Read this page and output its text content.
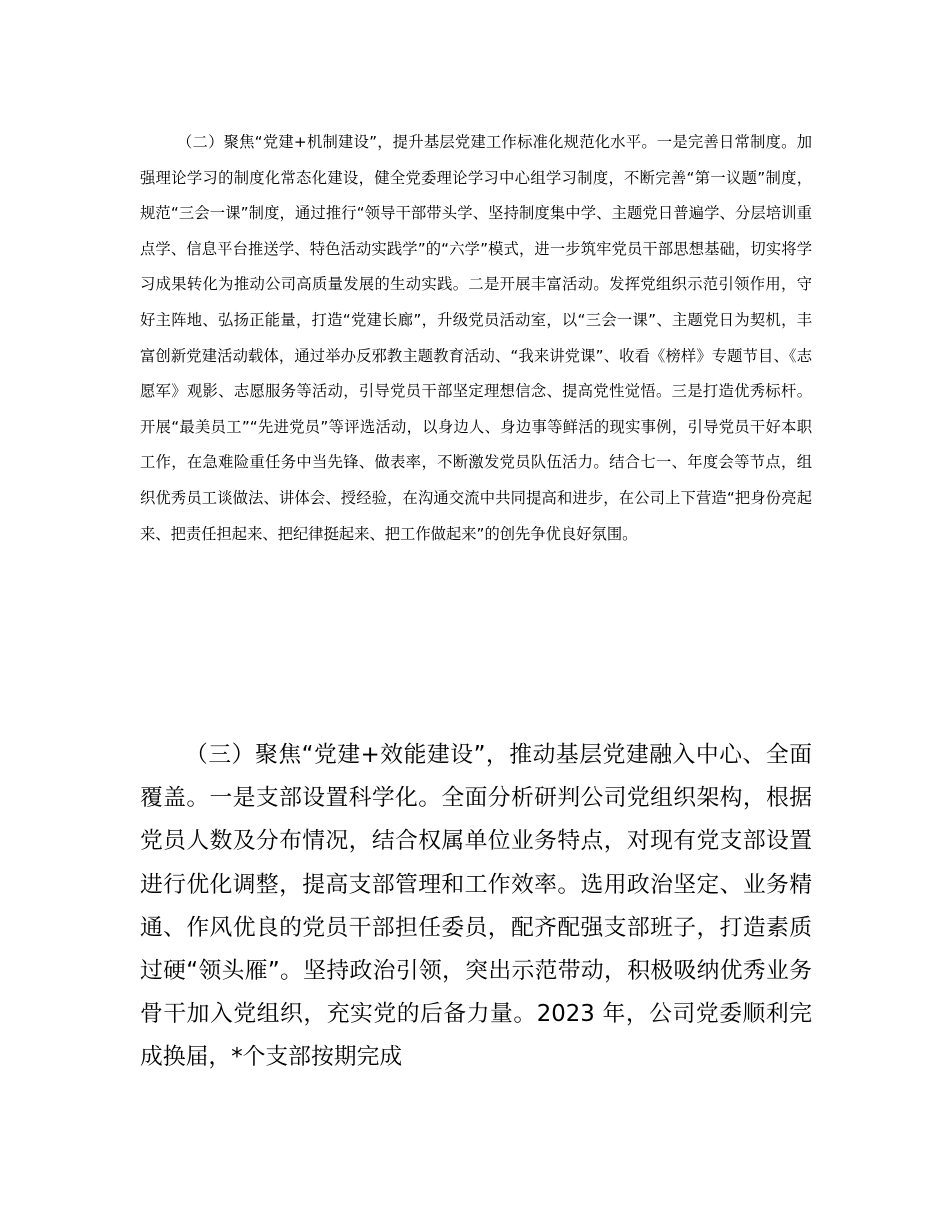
（二）聚焦“党建+机制建设”，提升基层党建工作标准化规范化水平。一是完善日常制度。加强理论学习的制度化常态化建设，健全党委理论学习中心组学习制度，不断完善“第一议题”制度，规范“三会一课”制度，通过推行“领导干部带头学、坚持制度集中学、主题党日普遍学、分层培训重点学、信息平台推送学、特色活动实践学”的“六学”模式，进一步筑牢党员干部思想基础，切实将学习成果转化为推动公司高质量发展的生动实践。二是开展丰富活动。发挥党组织示范引领作用，守好主阵地、弘扬正能量，打造“党建长廊”，升级党员活动室，以“三会一课”、主题党日为契机，丰富创新党建活动载体，通过举办反邪教主题教育活动、“我来讲党课”、收看《榜样》专题节目、《志愿军》观影、志愿服务等活动，引导党员干部坚定理想信念、提高党性觉悟。三是打造优秀标杆。开展“最美员工”“先进党员”等评选活动，以身边人、身边事等鲜活的现实事例，引导党员干好本职工作，在急难险重任务中当先锋、做表率，不断激发党员队伍活力。结合七一、年度会等节点，组织优秀员工谈做法、讲体会、授经验，在沟通交流中共同提高和进步，在公司上下营造“把身份亮起来、把责任担起来、把纪律挺起来、把工作做起来”的创先争优良好氛围。

（三）聚焦“党建+效能建设”，推动基层党建融入中心、全面覆盖。一是支部设置科学化。全面分析研判公司党组织架构，根据党员人数及分布情况，结合权属单位业务特点，对现有党支部设置进行优化调整，提高支部管理和工作效率。选用政治坚定、业务精通、作风优良的党员干部担任委员，配齐配强支部班子，打造素质过硬“领头雁”。坚持政治引领，突出示范带动，积极吸纳优秀业务骨干加入党组织，充实党的后备力量。2023 年，公司党委顺利完成换届，*个支部按期完成
